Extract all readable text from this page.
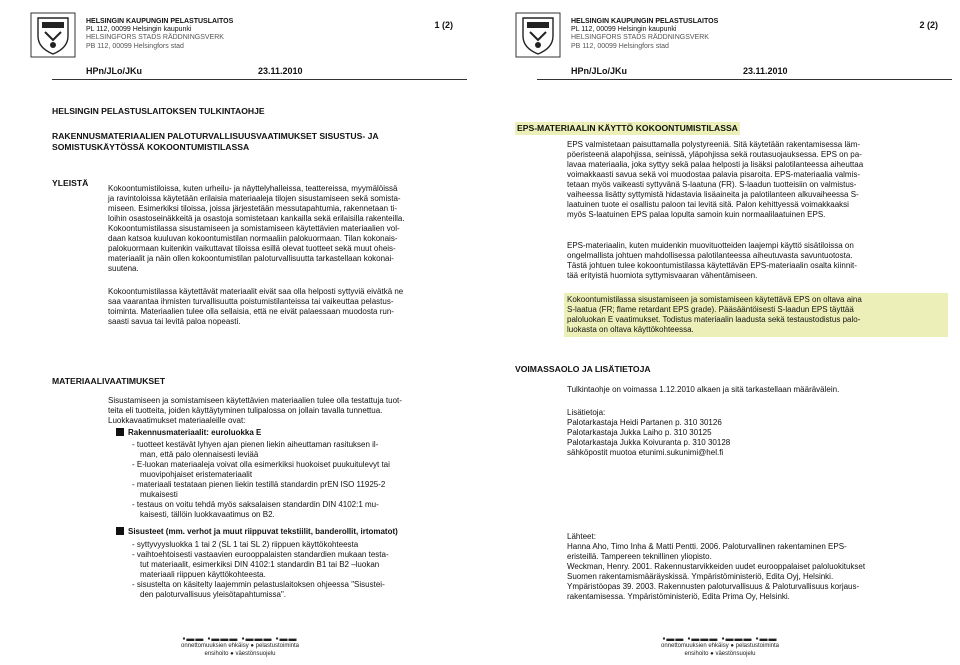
HELSINGIN KAUPUNGIN PELASTUSLAITOS
PL 112, 00099 Helsingin kaupunki
HELSINGFORS STADS RÄDDNINGSVERK
PB 112, 00099 Helsingfors stad
1 (2)
HPn/JLo/JKu	23.11.2010
HELSINGIN PELASTUSLAITOKSEN TULKINTAOHJE
RAKENNUSMATERIAALIEN PALOTURVALLISUUSVAATIMUKSET SISUSTUS- JA
SOMISTUSKÄYTÖSSÄ KOKOONTUMISTILASSA
YLEISTÄ
Kokoontumistiloissa, kuten urheilu- ja näyttelyhalleissa, teattereissa, myymälöissä
ja ravintoloissa käytetään erilaisia materiaaleja tilojen sisustamiseen sekä somista-
miseen. Esimerkiksi tiloissa, joissa järjestetään messutapahtumia, rakennetaan ti-
loihin osastoseinäkkeitä ja osastoja somistetaan kankailla sekä erilaisilla rakenteilla.
Kokoontumistilassa sisustamiseen ja somistamiseen käytettävien materiaalien vol-
daan katsoa kuuluvan kokoontumistilan normaaliin palokuormaan. Tilan kokonais-
palokuormaan kuitenkin vaikuttavat tiloissa esillä olevat tuotteet sekä muut oheis-
materiaalit ja näin ollen kokoontumistilan paloturvallisuutta tarkastellaan kokonai-
suutena.
Kokoontumistilassa käytettävät materiaalit eivät saa olla helposti syttyviä eivätkä ne
saa vaarantaa ihmisten turvallisuutta poistumistilanteissa tai vaikeuttaa pelastus-
toiminta. Materiaalien tulee olla sellaisia, että ne eivät palaessaan muodosta run-
saasti savua tai levitä paloa nopeasti.
MATERIAALIVAATIMUKSET
Sisustamiseen ja somistamiseen käytettävien materiaalien tulee olla testattuja tuot-
teita eli tuotteita, joiden käyttäytyminen tulipalossa on jollain tavalla tunnettua.
Luokkavaatimukset materiaaleille ovat:
Rakennusmateriaalit: euroluokka E
- tuotteet kestävät lyhyen ajan pienen liekin aiheuttaman rasituksen il-
man, että palo olennaisesti leviää
- E-luokan materiaaleja voivat olla esimerkiksi huokoiset puukuitulevyt tai
muovipohjaiset eristemateriaalit
- materiaali testataan pienen liekin testillä standardin prEN ISO 11925-2
mukaisesti
- testaus on voitu tehdä myös saksalaisen standardin DIN 4102:1 mu-
kaisesti, tällöin luokkavaatimus on B2.
Sisusteet (mm. verhot ja muut riippuvat tekstiilit, banderollit, irtomatot)
- syttyvyysluokka 1 tai 2 (SL 1 tai SL 2) riippuen käyttökohteesta
- vaihtoehtoisesti vastaavien eurooppalaisten standardien mukaan testa-
tut materiaalit, esimerkiksi DIN 4102:1 standardin B1 tai B2 –luokan
materiaali riippuen käyttökohteesta.
- sisustelta on käsitelty laajemmin pelastuslaitoksen ohjeessa "Sisustei-
den paloturvallisuus yleisötapahtumissa".
▪▬▬ ▪▬▬▬ ▪▬▬▬ ▪▬▬
onnettomuuksien ehkäisy ● pelastustoiminta
ensihoito ● väestönsuojelu
HELSINGIN KAUPUNGIN PELASTUSLAITOS
PL 112, 00099 Helsingin kaupunki
HELSINGFORS STADS RÄDDNINGSVERK
PB 112, 00099 Helsingfors stad
2 (2)
HPn/JLo/JKu	23.11.2010
EPS-MATERIAALIN KÄYTTÖ KOKOONTUMISTILASSA
EPS valmistetaan paisuttamalla polystyreeniä. Sitä käytetään rakentamisessa läm-
pöeristeenä alapohjissa, seinissä, yläpohjissa sekä routasuojauksessa. EPS on pa-
lavaa materiaalia, joka syttyy sekä palaa helposti ja lisäksi palotilanteessa aiheuttaa
voimakkaasti savua sekä voi muodostaa palavia pisaroita. EPS-materiaalia valmis-
tetaan myös vaikeasti syttyvänä S-laatuna (FR). S-laadun tuotteisiin on valmistus-
vaiheessa lisätty syttymistä hidastavia lisäaineita ja palotilanteen alkuvaiheessa S-
laatuinen tuote ei osallistu paloon tai levitä sitä. Palon kehittyessä voimakkaaksi
myös S-laatuinen EPS palaa lopulta samoin kuin normaalilaatuinen EPS.
EPS-materiaalin, kuten muidenkin muovituotteiden laajempi käyttö sisätiloissa on
ongelmallista johtuen mahdollisessa palotilanteessa aiheutuvasta savuntuotosta.
Tästä johtuen tulee kokoontumistilassa käytettävän EPS-materiaalin osalta kiinnit-
tää erityistä huomiota syttymisvaaran vähentämiseen.
Kokoontumistilassa sisustamiseen ja somistamiseen käytettävä EPS on oltava aina
S-laatua (FR; flame retardant EPS grade). Pääsääntöisesti S-laadun EPS täyttää
paloluokan E vaatimukset. Todistus materiaalin laadusta sekä testaustodistus palo-
luokasta on oltava käyttökohteessa.
VOIMASSAOLO JA LISÄTIETOJA
Tulkintaohje on voimassa 1.12.2010 alkaen ja sitä tarkastellaan määrävälein.
Lisätietoja:
Palotarkastaja Heidi Partanen p. 310 30126
Palotarkastaja Jukka Laiho p. 310 30125
Palotarkastaja Jukka Koivuranta p. 310 30128
sähköpostit muotoa etunimi.sukunimi@hel.fi
Lähteet:
Hanna Aho, Timo Inha & Matti Pentti. 2006. Paloturvallinen rakentaminen EPS-
eristeillä. Tampereen teknillinen yliopisto.
Weckman, Henry. 2001. Rakennustarvikkeiden uudet eurooppalaiset paloluokitukset
Suomen rakentamismääräyskissä. Ympäristöministeriö, Edita Oyj, Helsinki.
Ympäristöopas 39. 2003. Rakennusten paloturvallisuus & Paloturvallisuus korjaus-
rakentamisessa. Ympäristöministeriö, Edita Prima Oy, Helsinki.
▪▬▬ ▪▬▬▬ ▪▬▬▬ ▪▬▬
onnettomuuksien ehkäisy ● pelastustoiminta
ensihoito ● väestönsuojelu
